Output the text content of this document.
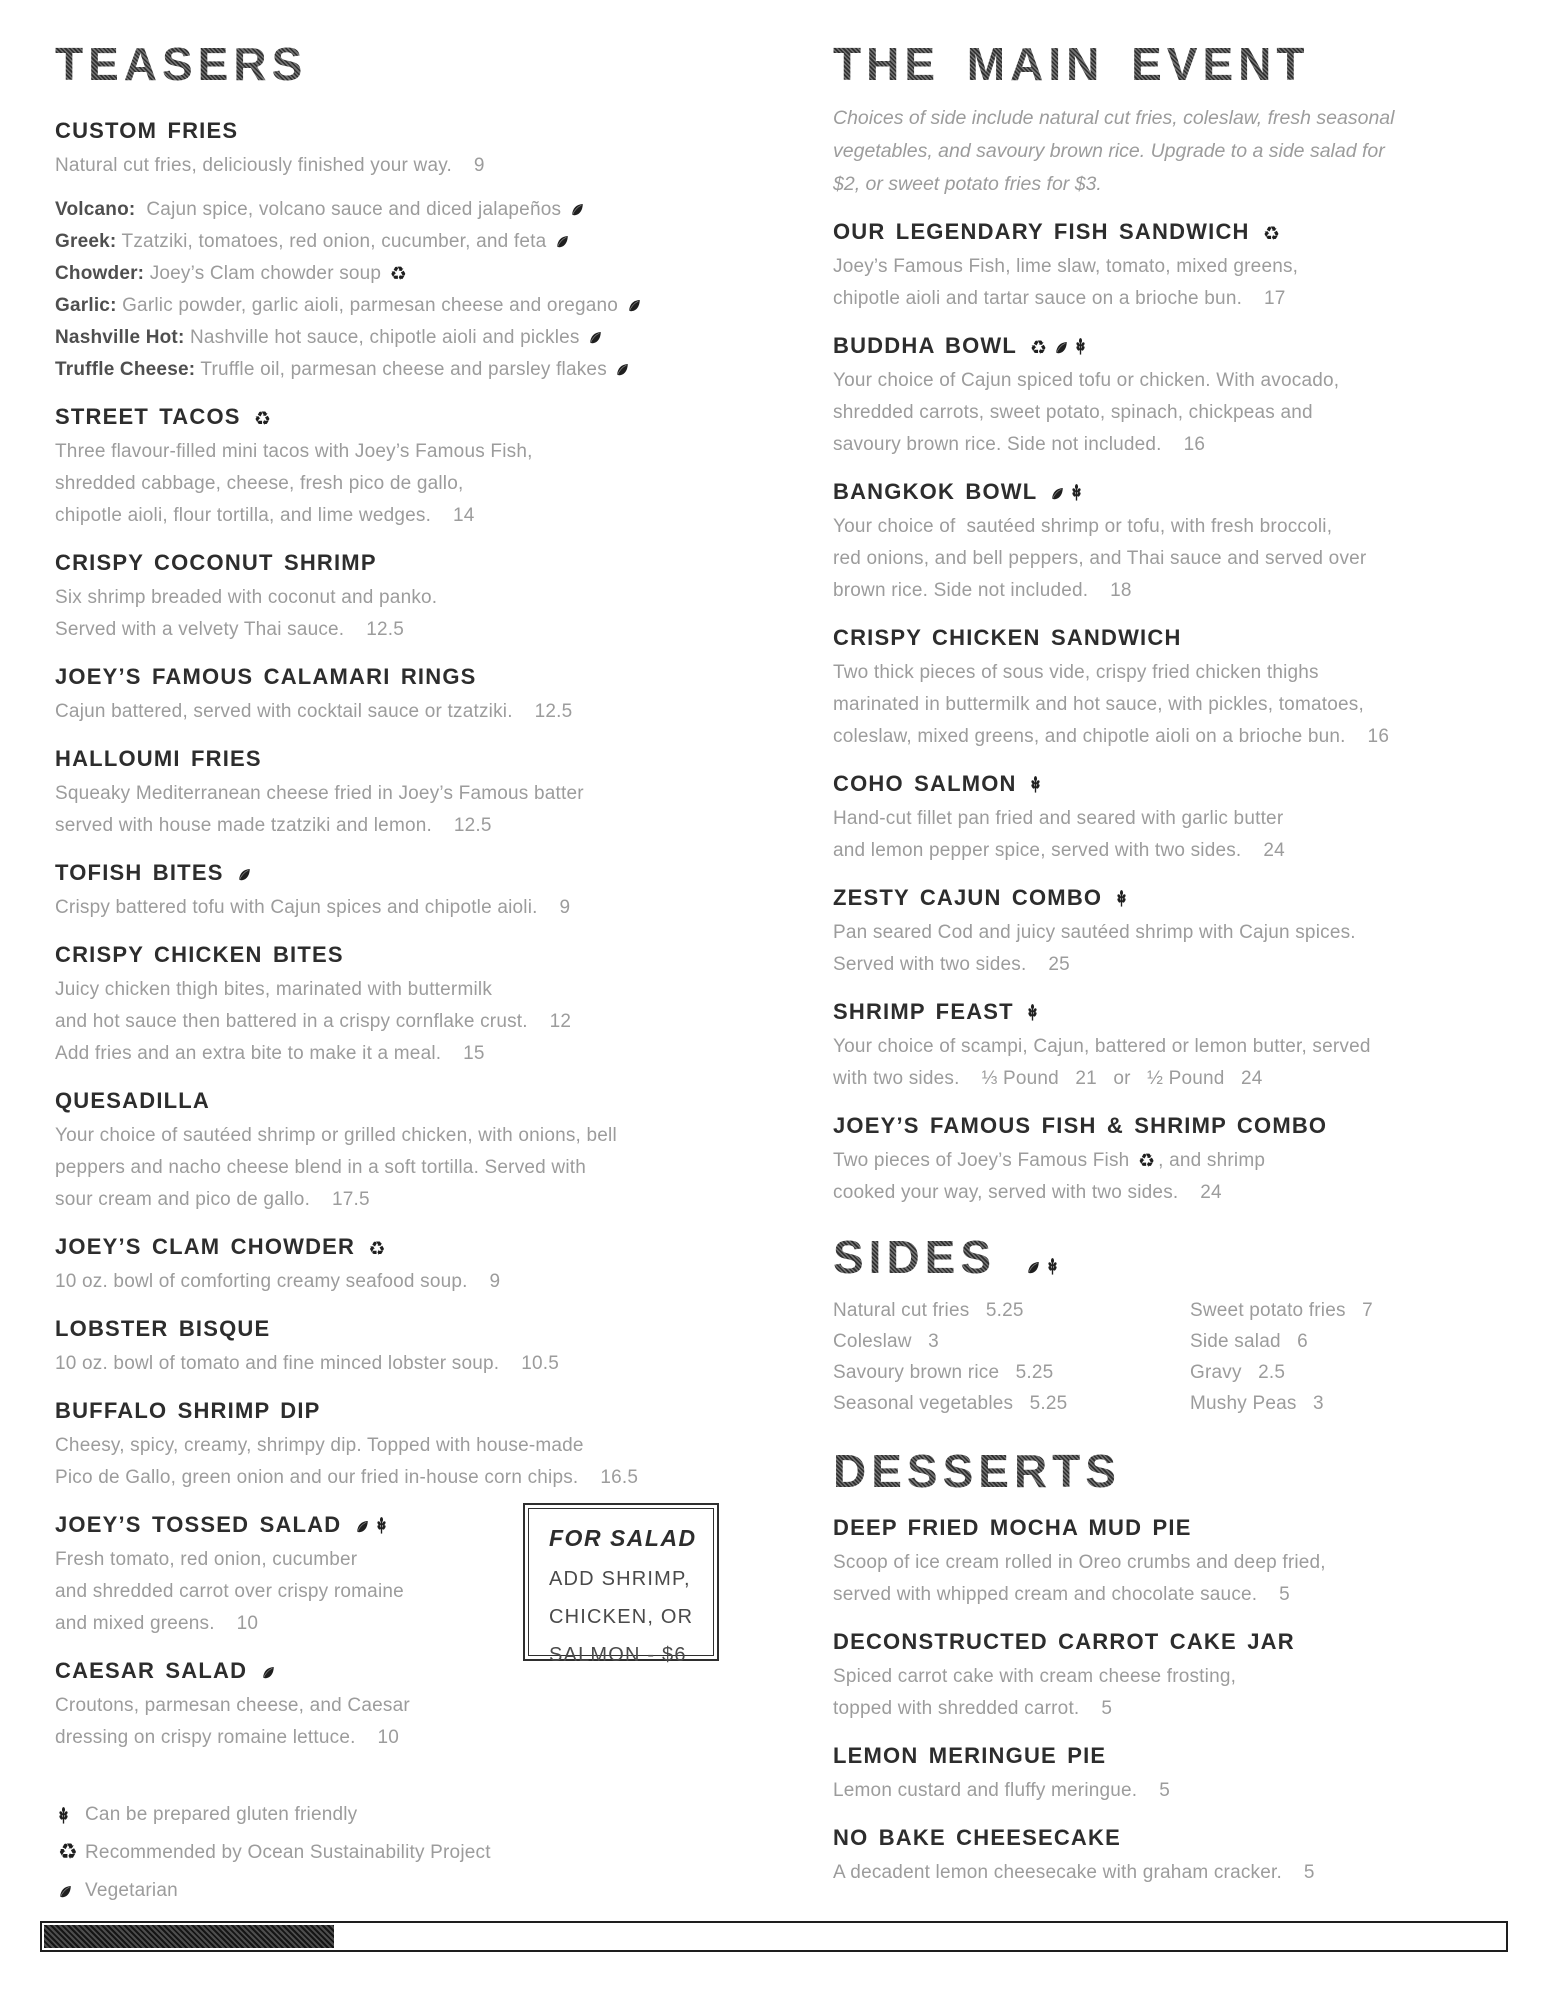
TEASERS
CUSTOM FRIES
Natural cut fries, deliciously finished your way.    9
Volcano:  Cajun spice, volcano sauce and diced jalapeños
Greek: Tzatziki, tomatoes, red onion, cucumber, and feta
Chowder: Joey’s Clam chowder soup ♻
Garlic: Garlic powder, garlic aioli, parmesan cheese and oregano
Nashville Hot: Nashville hot sauce, chipotle aioli and pickles
Truffle Cheese: Truffle oil, parmesan cheese and parsley flakes
STREET TACOS ♻
Three flavour-filled mini tacos with Joey’s Famous Fish,
shredded cabbage, cheese, fresh pico de gallo,
chipotle aioli, flour tortilla, and lime wedges.    14
CRISPY COCONUT SHRIMP
Six shrimp breaded with coconut and panko.
Served with a velvety Thai sauce.    12.5
JOEY’S FAMOUS CALAMARI RINGS
Cajun battered, served with cocktail sauce or tzatziki.    12.5
HALLOUMI FRIES
Squeaky Mediterranean cheese fried in Joey’s Famous batter
served with house made tzatziki and lemon.    12.5
TOFISH BITES
Crispy battered tofu with Cajun spices and chipotle aioli.    9
CRISPY CHICKEN BITES
Juicy chicken thigh bites, marinated with buttermilk
and hot sauce then battered in a crispy cornflake crust.    12
Add fries and an extra bite to make it a meal.    15
QUESADILLA
Your choice of sautéed shrimp or grilled chicken, with onions, bell
peppers and nacho cheese blend in a soft tortilla. Served with
sour cream and pico de gallo.    17.5
JOEY’S CLAM CHOWDER ♻
10 oz. bowl of comforting creamy seafood soup.    9
LOBSTER BISQUE
10 oz. bowl of tomato and fine minced lobster soup.    10.5
BUFFALO SHRIMP DIP
Cheesy, spicy, creamy, shrimpy dip. Topped with house-made
Pico de Gallo, green onion and our fried in-house corn chips.    16.5
JOEY’S TOSSED SALAD
Fresh tomato, red onion, cucumber
and shredded carrot over crispy romaine
and mixed greens.    10
CAESAR SALAD
Croutons, parmesan cheese, and Caesar
dressing on crispy romaine lettuce.    10
Can be prepared gluten friendly
♻ Recommended by Ocean Sustainability Project
Vegetarian
THE MAIN EVENT
Choices of side include natural cut fries, coleslaw, fresh seasonal
vegetables, and savoury brown rice. Upgrade to a side salad for
$2, or sweet potato fries for $3.
OUR LEGENDARY FISH SANDWICH ♻
Joey’s Famous Fish, lime slaw, tomato, mixed greens,
chipotle aioli and tartar sauce on a brioche bun.    17
BUDDHA BOWL ♻
Your choice of Cajun spiced tofu or chicken. With avocado,
shredded carrots, sweet potato, spinach, chickpeas and
savoury brown rice. Side not included.    16
BANGKOK BOWL
Your choice of  sautéed shrimp or tofu, with fresh broccoli,
red onions, and bell peppers, and Thai sauce and served over
brown rice. Side not included.    18
CRISPY CHICKEN SANDWICH
Two thick pieces of sous vide, crispy fried chicken thighs
marinated in buttermilk and hot sauce, with pickles, tomatoes,
coleslaw, mixed greens, and chipotle aioli on a brioche bun.    16
COHO SALMON
Hand-cut fillet pan fried and seared with garlic butter
and lemon pepper spice, served with two sides.    24
ZESTY CAJUN COMBO
Pan seared Cod and juicy sautéed shrimp with Cajun spices.
Served with two sides.    25
SHRIMP FEAST
Your choice of scampi, Cajun, battered or lemon butter, served
with two sides.    ⅓ Pound   21   or   ½ Pound   24
JOEY’S FAMOUS FISH & SHRIMP COMBO
Two pieces of Joey’s Famous Fish ♻ , and shrimp
cooked your way, served with two sides.    24
SIDES
Natural cut fries   5.25
Coleslaw   3
Savoury brown rice   5.25
Seasonal vegetables   5.25
Sweet potato fries   7
Side salad   6
Gravy   2.5
Mushy Peas   3
DESSERTS
DEEP FRIED MOCHA MUD PIE
Scoop of ice cream rolled in Oreo crumbs and deep fried,
served with whipped cream and chocolate sauce.    5
DECONSTRUCTED CARROT CAKE JAR
Spiced carrot cake with cream cheese frosting,
topped with shredded carrot.    5
LEMON MERINGUE PIE
Lemon custard and fluffy meringue.    5
NO BAKE CHEESECAKE
A decadent lemon cheesecake with graham cracker.    5
FOR SALAD
ADD SHRIMP,
CHICKEN, OR
SALMON - $6
